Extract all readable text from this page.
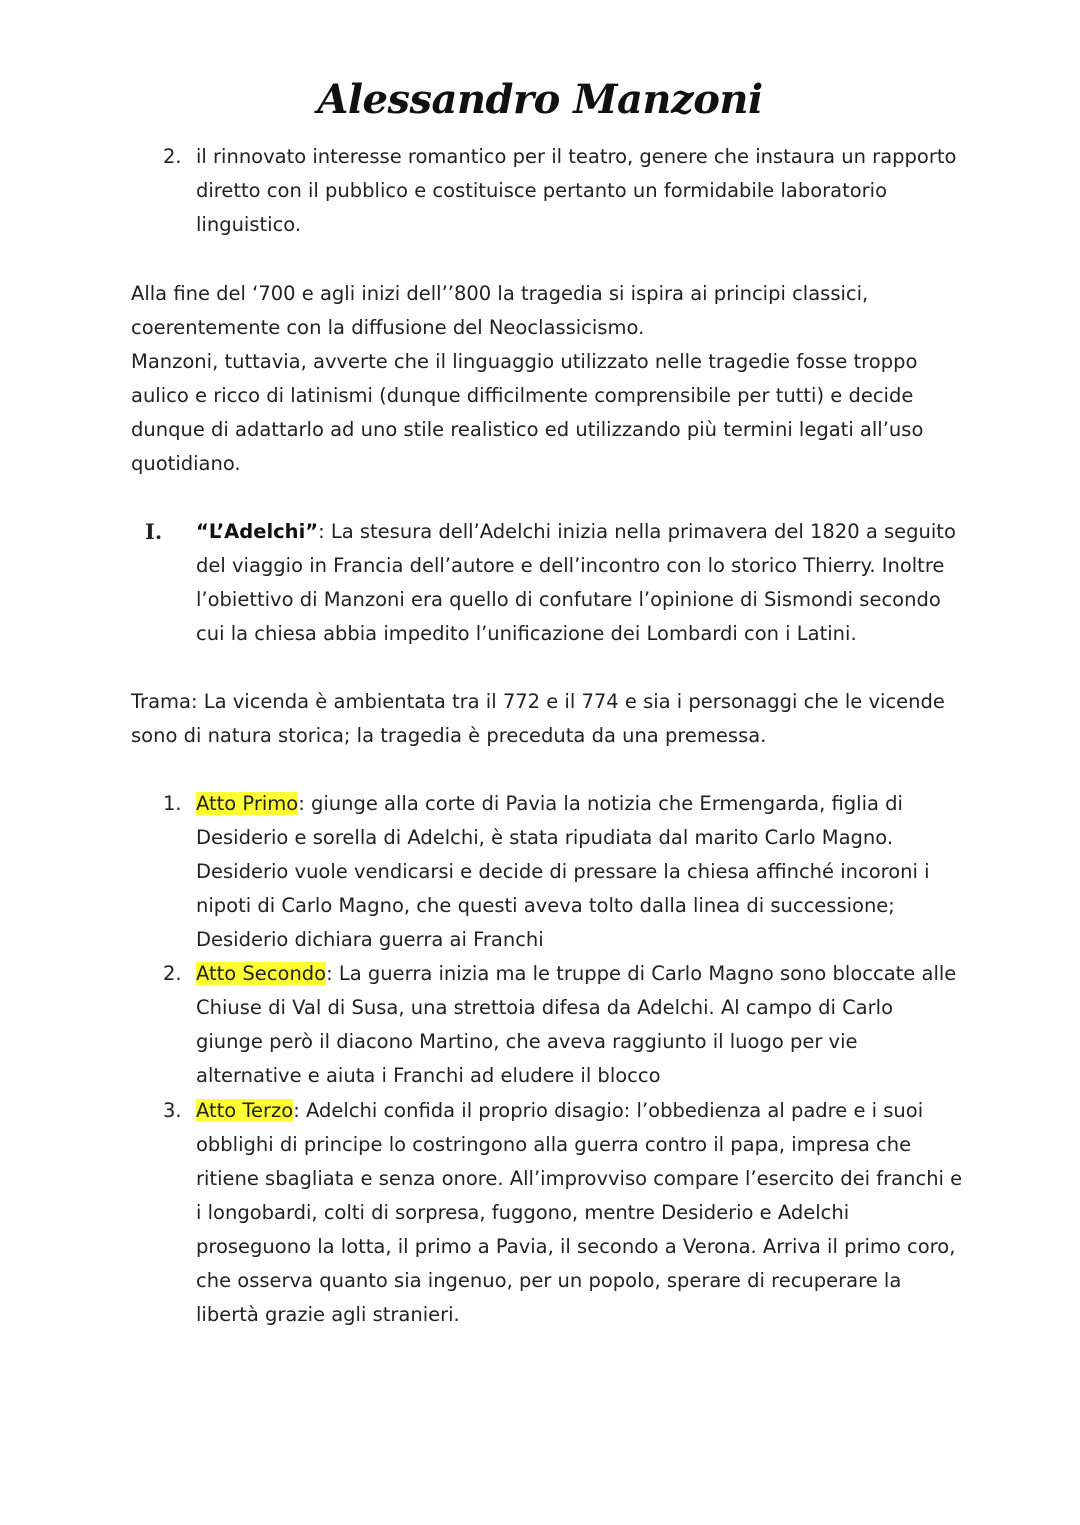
Alessandro Manzoni
2. il rinnovato interesse romantico per il teatro, genere che instaura un rapporto diretto con il pubblico e costituisce pertanto un formidabile laboratorio linguistico.

Alla fine del ‘700 e agli inizi dell’’800 la tragedia si ispira ai principi classici, coerentemente con la diffusione del Neoclassicismo.

Manzoni, tuttavia, avverte che il linguaggio utilizzato nelle tragedie fosse troppo aulico e ricco di latinismi (dunque difficilmente comprensibile per tutti) e decide dunque di adattarlo ad uno stile realistico ed utilizzando più termini legati all’uso quotidiano.

I. “L’Adelchi”: La stesura dell’Adelchi inizia nella primavera del 1820 a seguito del viaggio in Francia dell’autore e dell’incontro con lo storico Thierry. Inoltre l’obiettivo di Manzoni era quello di confutare l’opinione di Sismondi secondo cui la chiesa abbia impedito l’unificazione dei Lombardi con i Latini.

Trama: La vicenda è ambientata tra il 772 e il 774 e sia i personaggi che le vicende sono di natura storica; la tragedia è preceduta da una premessa.

1. Atto Primo: giunge alla corte di Pavia la notizia che Ermengarda, figlia di Desiderio e sorella di Adelchi, è stata ripudiata dal marito Carlo Magno. Desiderio vuole vendicarsi e decide di pressare la chiesa affinché incoroni i nipoti di Carlo Magno, che questi aveva tolto dalla linea di successione; Desiderio dichiara guerra ai Franchi
2. Atto Secondo: La guerra inizia ma le truppe di Carlo Magno sono bloccate alle Chiuse di Val di Susa, una strettoia difesa da Adelchi. Al campo di Carlo giunge però il diacono Martino, che aveva raggiunto il luogo per vie alternative e aiuta i Franchi ad eludere il blocco
3. Atto Terzo: Adelchi confida il proprio disagio: l’obbedienza al padre e i suoi obblighi di principe lo costringono alla guerra contro il papa, impresa che ritiene sbagliata e senza onore. All’improvviso compare l’esercito dei franchi e i longobardi, colti di sorpresa, fuggono, mentre Desiderio e Adelchi proseguono la lotta, il primo a Pavia, il secondo a Verona. Arriva il primo coro, che osserva quanto sia ingenuo, per un popolo, sperare di recuperare la libertà grazie agli stranieri.
